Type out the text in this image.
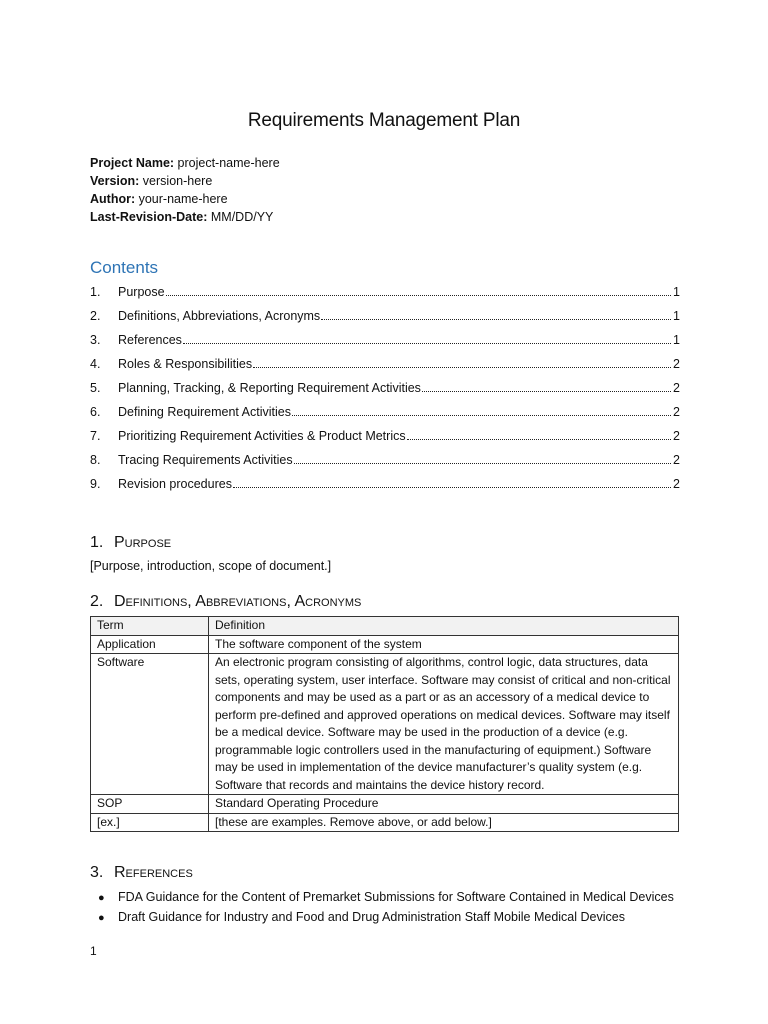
Requirements Management Plan
Project Name: project-name-here
Version: version-here
Author: your-name-here
Last-Revision-Date: MM/DD/YY
Contents
1.	Purpose	1
2.	Definitions, Abbreviations, Acronyms	1
3.	References	1
4.	Roles & Responsibilities	2
5.	Planning, Tracking, & Reporting Requirement Activities	2
6.	Defining Requirement Activities	2
7.	Prioritizing Requirement Activities & Product Metrics	2
8.	Tracing Requirements Activities	2
9.	Revision procedures	2
1. Purpose
[Purpose, introduction, scope of document.]
2. Definitions, Abbreviations, Acronyms
Term	Definition
Application	The software component of the system
Software	An electronic program consisting of algorithms, control logic, data structures, data sets, operating system, user interface. Software may consist of critical and non-critical components and may be used as a part or as an accessory of a medical device to perform pre-defined and approved operations on medical devices. Software may itself be a medical device. Software may be used in the production of a device (e.g. programmable logic controllers used in the manufacturing of equipment.) Software may be used in implementation of the device manufacturer’s quality system (e.g. Software that records and maintains the device history record.
SOP	Standard Operating Procedure
[ex.]	[these are examples. Remove above, or add below.]
3. References
●	FDA Guidance for the Content of Premarket Submissions for Software Contained in Medical Devices
●	Draft Guidance for Industry and Food and Drug Administration Staff Mobile Medical Devices
1
